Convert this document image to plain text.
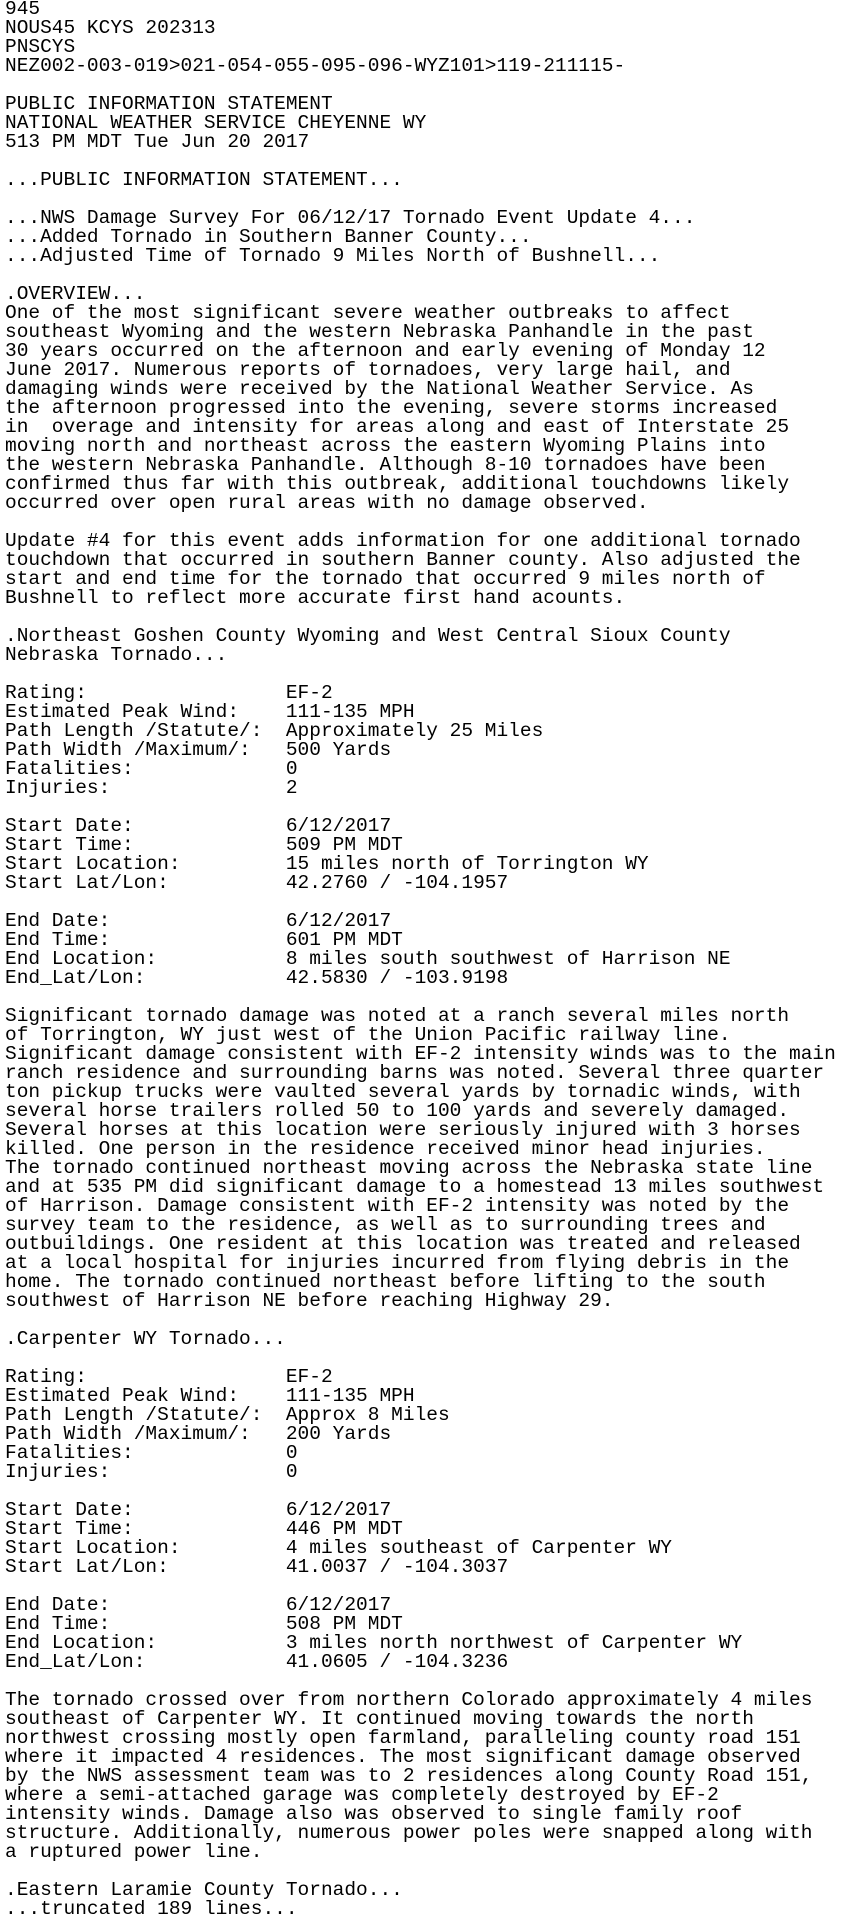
945
NOUS45 KCYS 202313
PNSCYS
NEZ002-003-019>021-054-055-095-096-WYZ101>119-211115-
PUBLIC INFORMATION STATEMENT
NATIONAL WEATHER SERVICE CHEYENNE WY
513 PM MDT Tue Jun 20 2017
...PUBLIC INFORMATION STATEMENT...
...NWS Damage Survey For 06/12/17 Tornado Event Update 4...
...Added Tornado in Southern Banner County...
...Adjusted Time of Tornado 9 Miles North of Bushnell...
.OVERVIEW...
One of the most significant severe weather outbreaks to affect
southeast Wyoming and the western Nebraska Panhandle in the past
30 years occurred on the afternoon and early evening of Monday 12
June 2017. Numerous reports of tornadoes, very large hail, and
damaging winds were received by the National Weather Service. As
the afternoon progressed into the evening, severe storms increased
in  overage and intensity for areas along and east of Interstate 25
moving north and northeast across the eastern Wyoming Plains into
the western Nebraska Panhandle. Although 8-10 tornadoes have been
confirmed thus far with this outbreak, additional touchdowns likely
occurred over open rural areas with no damage observed.
Update #4 for this event adds information for one additional tornado
touchdown that occurred in southern Banner county. Also adjusted the
start and end time for the tornado that occurred 9 miles north of
Bushnell to reflect more accurate first hand acounts.
.Northeast Goshen County Wyoming and West Central Sioux County
Nebraska Tornado...
Rating:                 EF-2
Estimated Peak Wind:    111-135 MPH
Path Length /Statute/:  Approximately 25 Miles
Path Width /Maximum/:   500 Yards
Fatalities:             0
Injuries:               2
Start Date:             6/12/2017
Start Time:             509 PM MDT
Start Location:         15 miles north of Torrington WY
Start Lat/Lon:          42.2760 / -104.1957
End Date:               6/12/2017
End Time:               601 PM MDT
End Location:           8 miles south southwest of Harrison NE
End_Lat/Lon:            42.5830 / -103.9198
Significant tornado damage was noted at a ranch several miles north
of Torrington, WY just west of the Union Pacific railway line.
Significant damage consistent with EF-2 intensity winds was to the main
ranch residence and surrounding barns was noted. Several three quarter
ton pickup trucks were vaulted several yards by tornadic winds, with
several horse trailers rolled 50 to 100 yards and severely damaged.
Several horses at this location were seriously injured with 3 horses
killed. One person in the residence received minor head injuries.
The tornado continued northeast moving across the Nebraska state line
and at 535 PM did significant damage to a homestead 13 miles southwest
of Harrison. Damage consistent with EF-2 intensity was noted by the
survey team to the residence, as well as to surrounding trees and
outbuildings. One resident at this location was treated and released
at a local hospital for injuries incurred from flying debris in the
home. The tornado continued northeast before lifting to the south
southwest of Harrison NE before reaching Highway 29.
.Carpenter WY Tornado...
Rating:                 EF-2
Estimated Peak Wind:    111-135 MPH
Path Length /Statute/:  Approx 8 Miles
Path Width /Maximum/:   200 Yards
Fatalities:             0
Injuries:               0
Start Date:             6/12/2017
Start Time:             446 PM MDT
Start Location:         4 miles southeast of Carpenter WY
Start Lat/Lon:          41.0037 / -104.3037
End Date:               6/12/2017
End Time:               508 PM MDT
End Location:           3 miles north northwest of Carpenter WY
End_Lat/Lon:            41.0605 / -104.3236
The tornado crossed over from northern Colorado approximately 4 miles
southeast of Carpenter WY. It continued moving towards the north
northwest crossing mostly open farmland, paralleling county road 151
where it impacted 4 residences. The most significant damage observed
by the NWS assessment team was to 2 residences along County Road 151,
where a semi-attached garage was completely destroyed by EF-2
intensity winds. Damage also was observed to single family roof
structure. Additionally, numerous power poles were snapped along with
a ruptured power line.
.Eastern Laramie County Tornado...
...truncated 189 lines...
